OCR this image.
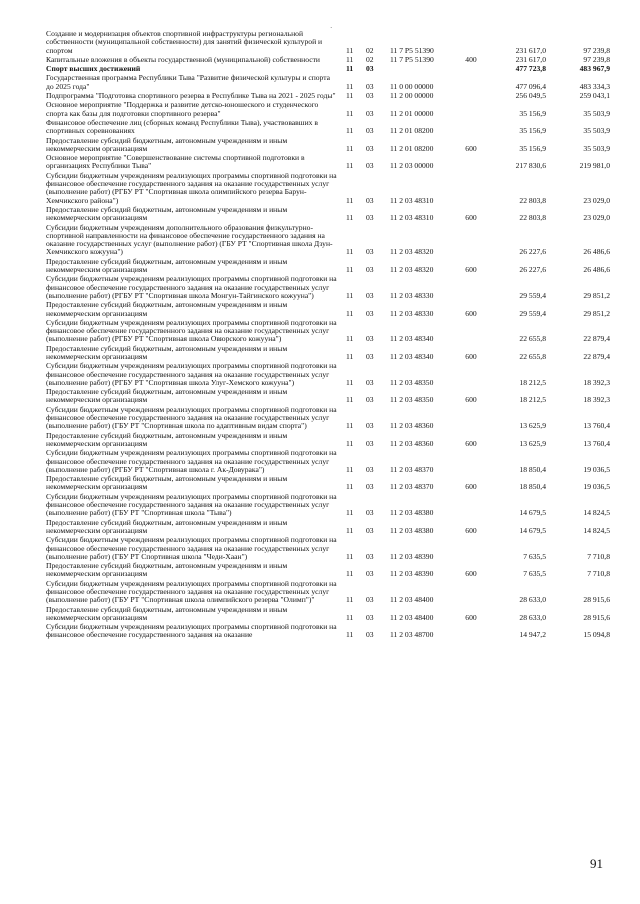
·
Создание и модернизация объектов спортивной инфраструктуры региональной собственности (муниципальной собственности) для занятий физической культурой и спортом	11	02	11 7 Р5 51390		231 617,0	97 239,8
Капитальные вложения в объекты государственной (муниципальной) собственности	11	02	11 7 Р5 51390	400	231 617,0	97 239,8
Спорт высших достижений	11	03			477 723,8	483 967,9
Государственная программа Республики Тыва "Развитие физической культуры и спорта до 2025 года"	11	03	11 0 00 00000		477 096,4	483 334,3
Подпрограмма "Подготовка спортивного резерва в Республике Тыва на 2021 - 2025 годы"	11	03	11 2 00 00000		256 049,5	259 043,1
Основное мероприятие "Поддержка и развитие детско-юношеского и студенческого спорта как базы для подготовки спортивного резерва"	11	03	11 2 01 00000		35 156,9	35 503,9
Финансовое обеспечение лиц (сборных команд Республики Тыва), участвовавших в спортивных соревнованиях	11	03	11 2 01 08200		35 156,9	35 503,9
Предоставление субсидий бюджетным, автономным учреждениям и иным некоммерческим организациям	11	03	11 2 01 08200	600	35 156,9	35 503,9
Основное мероприятие "Совершенствование системы спортивной подготовки в организациях Республики Тыва"	11	03	11 2 03 00000		217 830,6	219 981,0
Субсидии бюджетным учреждениям реализующих программы спортивной подготовки на финансовое обеспечение государственного задания на оказание государственных услуг (выполнение работ) (РГБУ РТ "Спортивная школа олимпийского резерва Барун-Хемчикского района")	11	03	11 2 03 48310		22 803,8	23 029,0
Предоставление субсидий бюджетным, автономным учреждениям и иным некоммерческим организациям	11	03	11 2 03 48310	600	22 803,8	23 029,0
Субсидии бюджетным учреждениям дополнительного образования физкультурно-спортивной направленности на финансовое обеспечение государственного задания на оказание государственных услуг (выполнение работ) (ГБУ РТ "Спортивная школа Дзун-Хемчикского кожууна")	11	03	11 2 03 48320		26 227,6	26 486,6
Предоставление субсидий бюджетным, автономным учреждениям и иным некоммерческим организациям	11	03	11 2 03 48320	600	26 227,6	26 486,6
Субсидии бюджетным учреждениям реализующих программы спортивной подготовки на финансовое обеспечение государственного задания на оказание государственных услуг (выполнение работ) (РГБУ РТ "Спортивная школа Монгун-Тайгинского кожууна")	11	03	11 2 03 48330		29 559,4	29 851,2
Предоставление субсидий бюджетным, автономным учреждениям и иным некоммерческим организациям	11	03	11 2 03 48330	600	29 559,4	29 851,2
Субсидии бюджетным учреждениям реализующих программы спортивной подготовки на финансовое обеспечение государственного задания на оказание государственных услуг (выполнение работ) (РГБУ РТ "Спортивная школа Овюрского кожууна")	11	03	11 2 03 48340		22 655,8	22 879,4
Предоставление субсидий бюджетным, автономным учреждениям и иным некоммерческим организациям	11	03	11 2 03 48340	600	22 655,8	22 879,4
Субсидии бюджетным учреждениям реализующих программы спортивной подготовки на финансовое обеспечение государственного задания на оказание государственных услуг (выполнение работ) (РГБУ РТ "Спортивная школа Улуг-Хемского кожууна")	11	03	11 2 03 48350		18 212,5	18 392,3
Предоставление субсидий бюджетным, автономным учреждениям и иным некоммерческим организациям	11	03	11 2 03 48350	600	18 212,5	18 392,3
Субсидии бюджетным учреждениям реализующих программы спортивной подготовки на финансовое обеспечение государственного задания на оказание государственных услуг (выполнение работ) (ГБУ РТ "Спортивная школа по адаптивным видам спорта")	11	03	11 2 03 48360		13 625,9	13 760,4
Предоставление субсидий бюджетным, автономным учреждениям и иным некоммерческим организациям	11	03	11 2 03 48360	600	13 625,9	13 760,4
Субсидии бюджетным учреждениям реализующих программы спортивной подготовки на финансовое обеспечение государственного задания на оказание государственных услуг (выполнение работ) (РГБУ РТ "Спортивная школа г. Ак-Довурака")	11	03	11 2 03 48370		18 850,4	19 036,5
Предоставление субсидий бюджетным, автономным учреждениям и иным некоммерческим организациям	11	03	11 2 03 48370	600	18 850,4	19 036,5
Субсидии бюджетным учреждениям реализующих программы спортивной подготовки на финансовое обеспечение государственного задания на оказание государственных услуг (выполнение работ) (ГБУ РТ "Спортивная школа "Тыва")	11	03	11 2 03 48380		14 679,5	14 824,5
Предоставление субсидий бюджетным, автономным учреждениям и иным некоммерческим организациям	11	03	11 2 03 48380	600	14 679,5	14 824,5
Субсидии бюджетным учреждениям реализующих программы спортивной подготовки на финансовое обеспечение государственного задания на оказание государственных услуг (выполнение работ) (ГБУ РТ Спортивная школа "Чеди-Хаан")	11	03	11 2 03 48390		7 635,5	7 710,8
Предоставление субсидий бюджетным, автономным учреждениям и иным некоммерческим организациям	11	03	11 2 03 48390	600	7 635,5	7 710,8
Субсидии бюджетным учреждениям реализующих программы спортивной подготовки на финансовое обеспечение государственного задания на оказание государственных услуг (выполнение работ) (ГБУ РТ "Спортивная школа олимпийского резерва "Олимп")"	11	03	11 2 03 48400		28 633,0	28 915,6
Предоставление субсидий бюджетным, автономным учреждениям и иным некоммерческим организациям	11	03	11 2 03 48400	600	28 633,0	28 915,6
Субсидии бюджетным учреждениям реализующих программы спортивной подготовки на финансовое обеспечение государственного задания на оказание	11	03	11 2 03 48700		14 947,2	15 094,8
91
